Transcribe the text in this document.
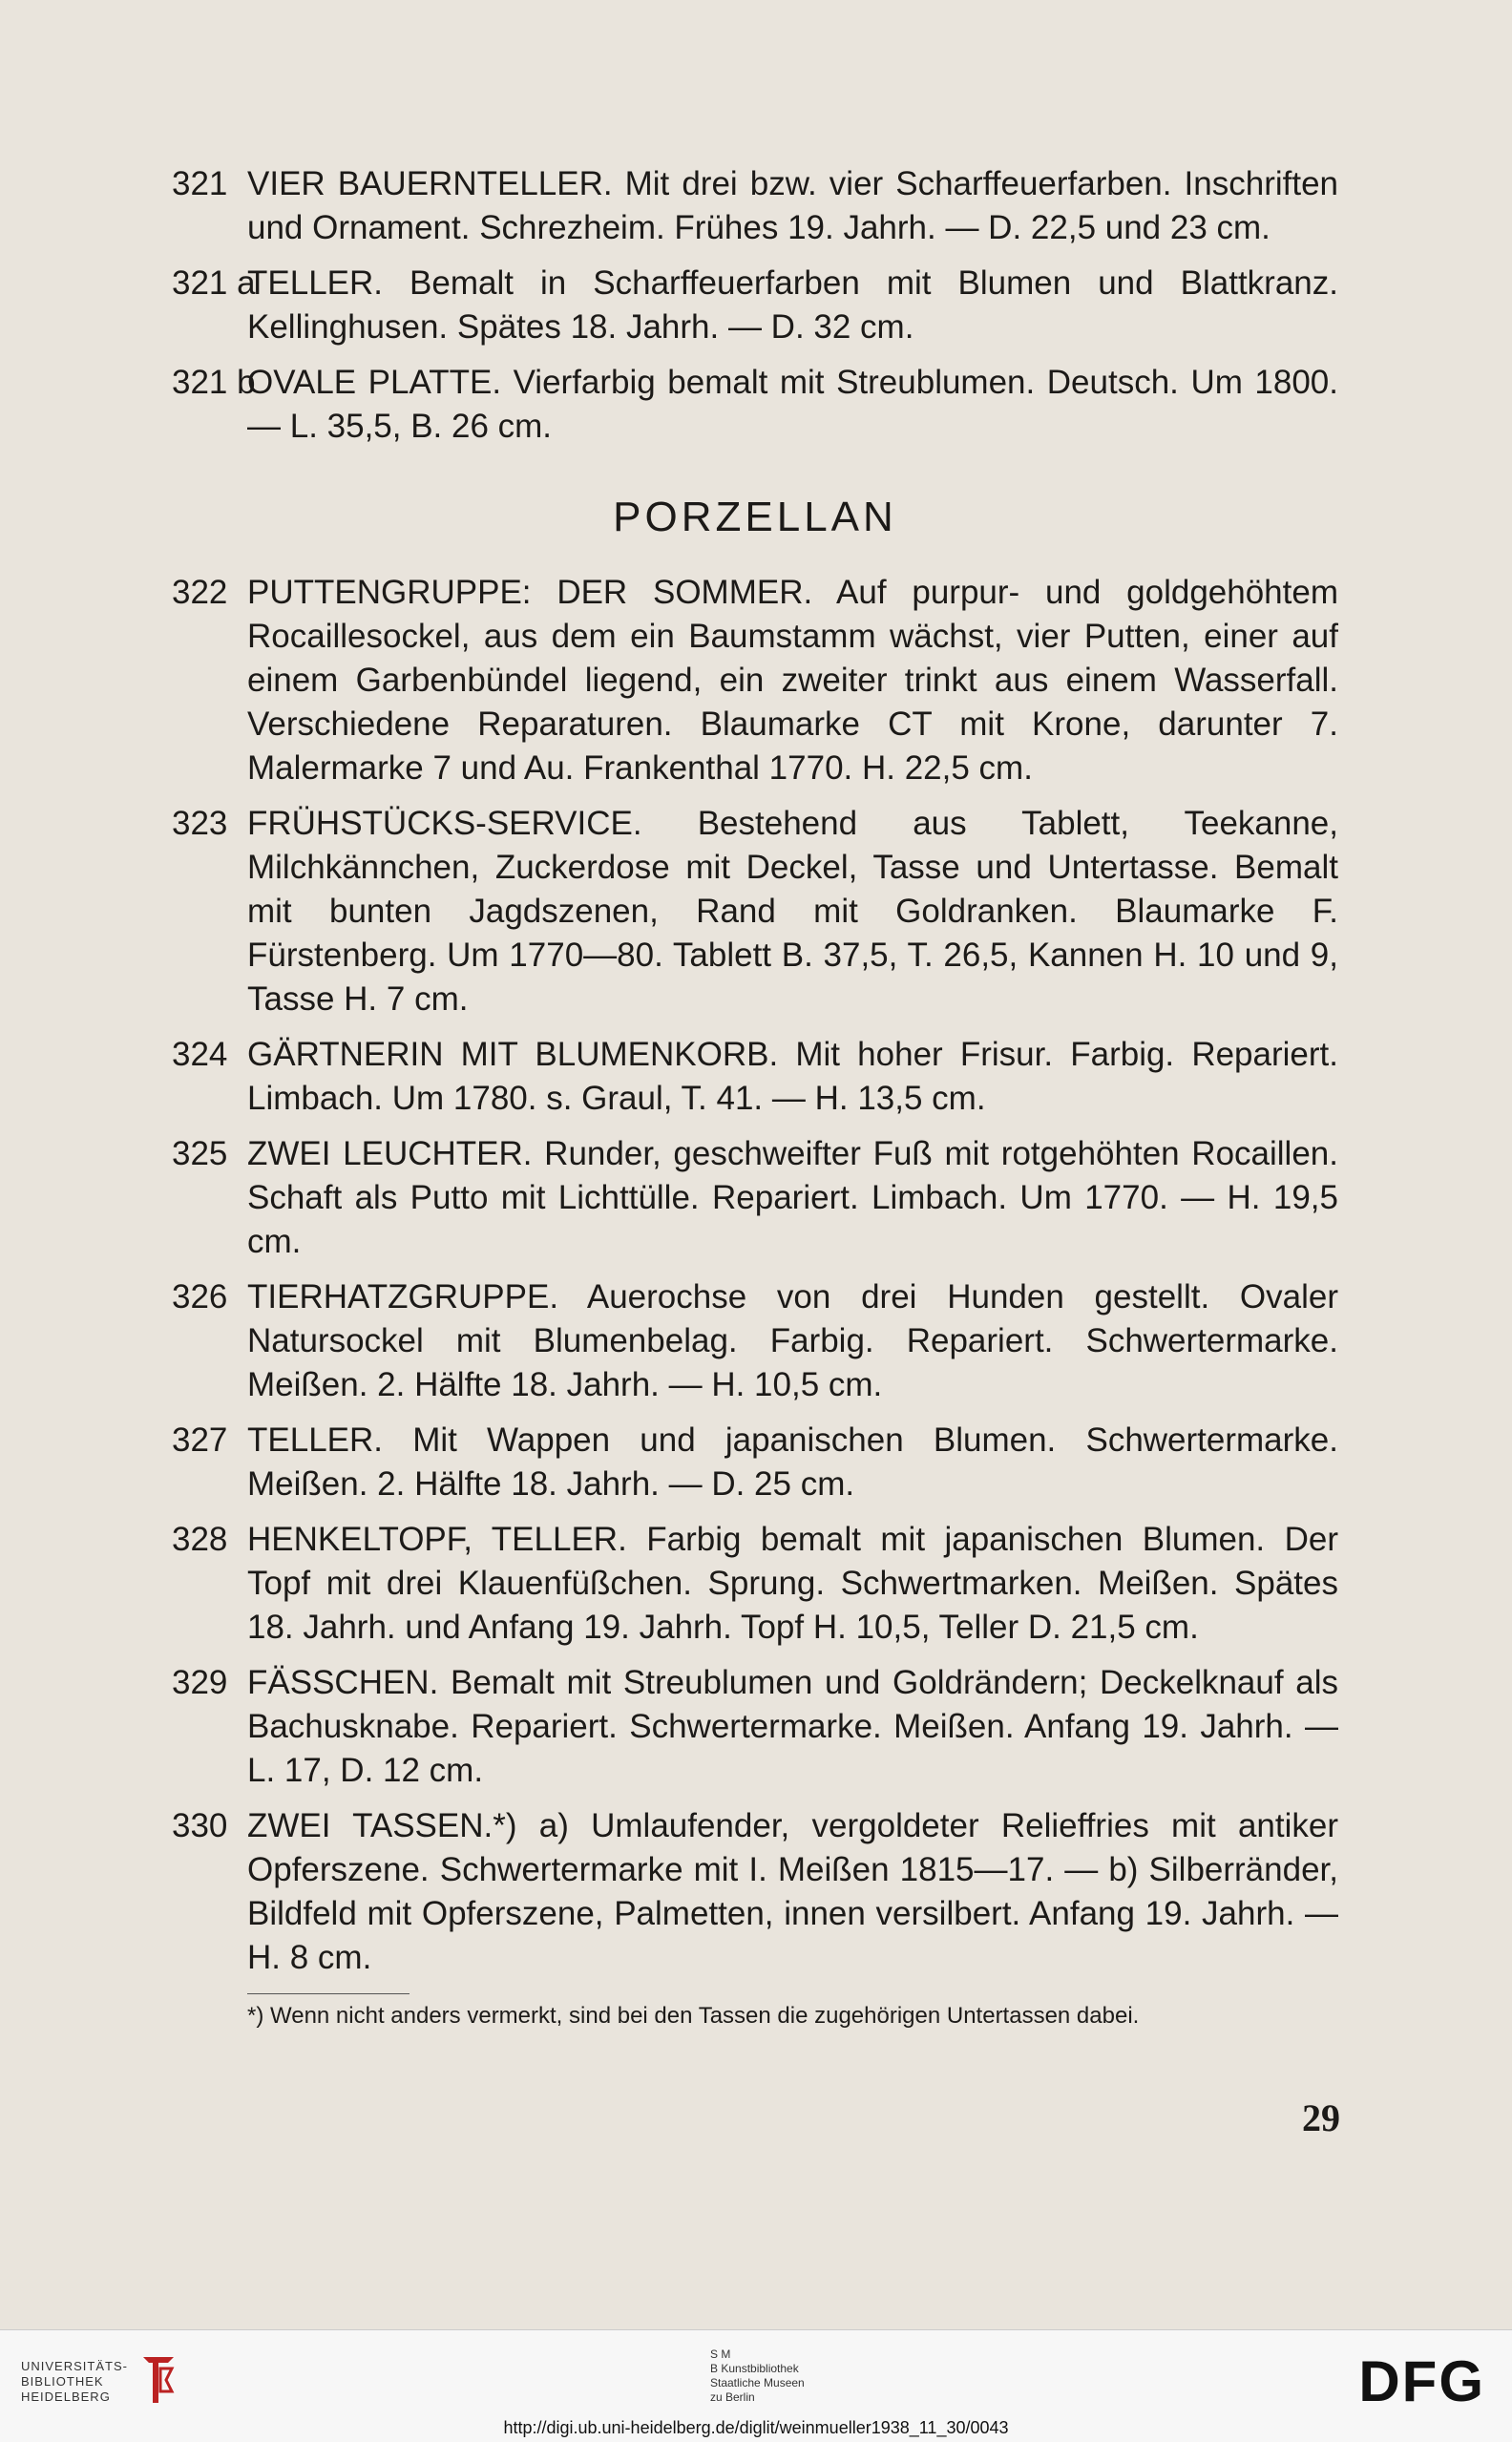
321 VIER BAUERNTELLER. Mit drei bzw. vier Scharffeuerfarben. Inschriften und Ornament. Schrezheim. Frühes 19. Jahrh. — D. 22,5 und 23 cm.
321 a
TELLER. Bemalt in Scharffeuerfarben mit Blumen und Blattkranz. Kellinghusen. Spätes 18. Jahrh. — D. 32 cm.
321 b
OVALE PLATTE. Vierfarbig bemalt mit Streublumen. Deutsch. Um 1800. — L. 35,5, B. 26 cm.
PORZELLAN
322 PUTTENGRUPPE: DER SOMMER. Auf purpur- und goldgehöhtem Rocaillesockel, aus dem ein Baumstamm wächst, vier Putten, einer auf einem Garbenbündel liegend, ein zweiter trinkt aus einem Wasserfall. Verschiedene Reparaturen. Blaumarke CT mit Krone, darunter 7. Malermarke 7 und Au. Frankenthal 1770. H. 22,5 cm.
323 FRÜHSTÜCKS-SERVICE. Bestehend aus Tablett, Teekanne, Milchkännchen, Zuckerdose mit Deckel, Tasse und Untertasse. Bemalt mit bunten Jagdszenen, Rand mit Goldranken. Blaumarke F. Fürstenberg. Um 1770—80. Tablett B. 37,5, T. 26,5, Kannen H. 10 und 9, Tasse H. 7 cm.
324 GÄRTNERIN MIT BLUMENKORB. Mit hoher Frisur. Farbig. Repariert. Limbach. Um 1780. s. Graul, T. 41. — H. 13,5 cm.
325 ZWEI LEUCHTER. Runder, geschweifter Fuß mit rotgehöhten Rocaillen. Schaft als Putto mit Lichttülle. Repariert. Limbach. Um 1770. — H. 19,5 cm.
326 TIERHATZGRUPPE. Auerochse von drei Hunden gestellt. Ovaler Natursockel mit Blumenbelag. Farbig. Repariert. Schwertermarke. Meißen. 2. Hälfte 18. Jahrh. — H. 10,5 cm.
327 TELLER. Mit Wappen und japanischen Blumen. Schwertermarke. Meißen. 2. Hälfte 18. Jahrh. — D. 25 cm.
328 HENKELTOPF, TELLER. Farbig bemalt mit japanischen Blumen. Der Topf mit drei Klauenfüßchen. Sprung. Schwertmarken. Meißen. Spätes 18. Jahrh. und Anfang 19. Jahrh. Topf H. 10,5, Teller D. 21,5 cm.
329 FÄSSCHEN. Bemalt mit Streublumen und Goldrändern; Deckelknauf als Bachusknabe. Repariert. Schwertermarke. Meißen. Anfang 19. Jahrh. — L. 17, D. 12 cm.
330 ZWEI TASSEN.*) a) Umlaufender, vergoldeter Relieffries mit antiker Opferszene. Schwertermarke mit I. Meißen 1815—17. — b) Silberränder, Bildfeld mit Opferszene, Palmetten, innen versilbert. Anfang 19. Jahrh. — H. 8 cm.
*) Wenn nicht anders vermerkt, sind bei den Tassen die zugehörigen Untertassen dabei.
29
UNIVERSITÄTS-
BIBLIOTHEK
HEIDELBERG
S M
B Kunstbibliothek
Staatliche Museen
zu Berlin	DFG
http://digi.ub.uni-heidelberg.de/diglit/weinmueller1938_11_30/0043
